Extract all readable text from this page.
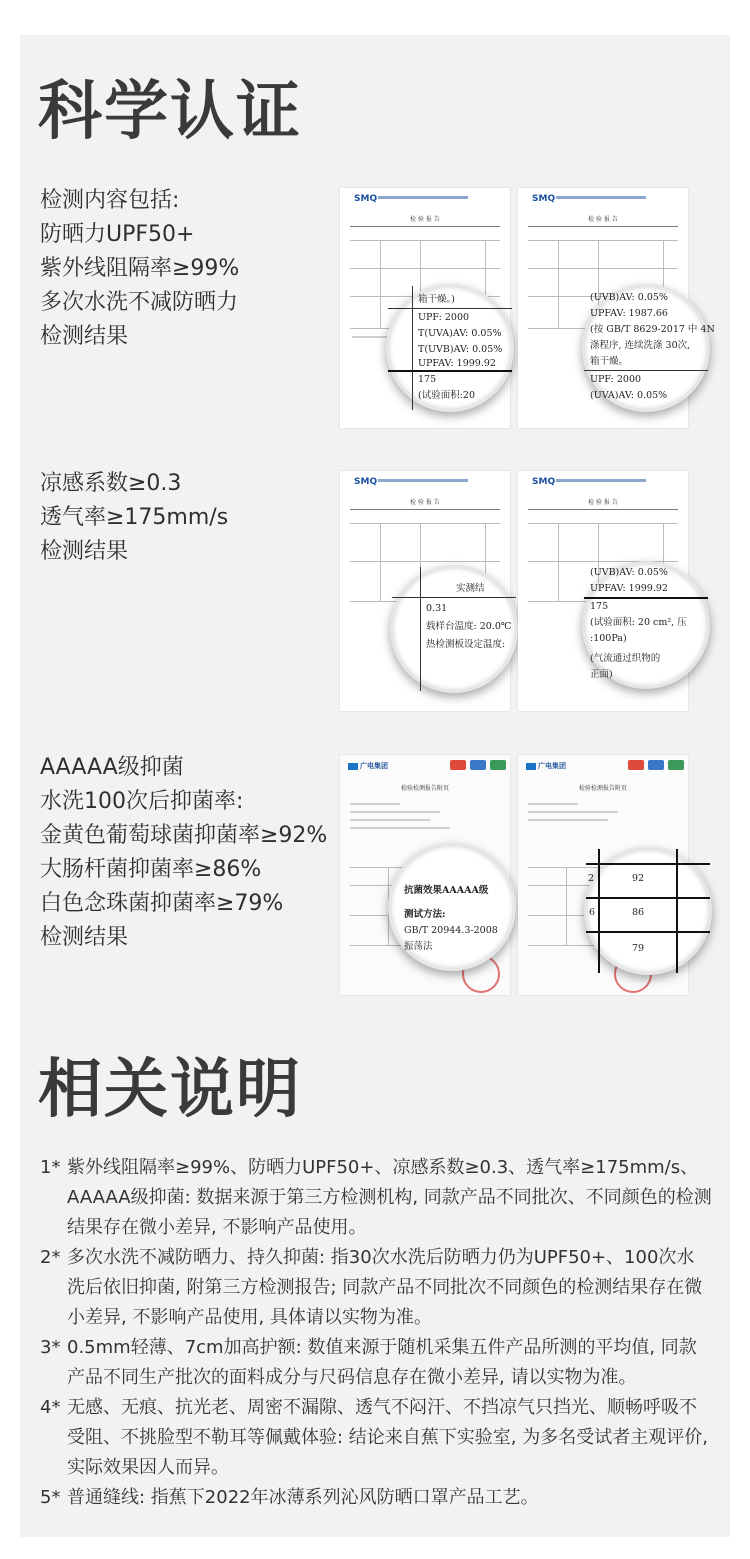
科学认证
检测内容包括:
防晒力UPF50+
紫外线阻隔率≥99%
多次水洗不减防晒力
检测结果
凉感系数≥0.3
透气率≥175mm/s
检测结果
AAAAA级抑菌
水洗100次后抑菌率:
金黄色葡萄球菌抑菌率≥92%
大肠杆菌抑菌率≥86%
白色念珠菌抑菌率≥79%
检测结果
SMQ
检 验 报 告
箱干燥。)
UPF: 2000
T(UVA)AV: 0.05%
T(UVB)AV: 0.05%
UPFAV: 1999.92
175
(试验面积:20
SMQ
检 验 报 告
(UVB)AV: 0.05%
UPFAV: 1987.66
(按 GB/T 8629-2017 中 4N
涤程序, 连续洗涤 30次,
箱干燥。
UPF: 2000
(UVA)AV: 0.05%
SMQ
检 验 报 告
实测结
0.31
载样台温度: 20.0℃
热检测板设定温度:
SMQ
检 验 报 告
(UVB)AV: 0.05%
UPFAV: 1999.92
175
(试验面积: 20 cm², 压
:100Pa)
(气流通过织物的
正面)
广电集团
检验检测报告附页
抗菌效果AAAAA级
测试方法:
GB/T 20944.3-2008
振荡法
广电集团
检验检测报告附页
2	92
6	86
79
相关说明
1* 紫外线阻隔率≥99%、防晒力UPF50+、凉感系数≥0.3、透气率≥175mm/s、AAAAA级抑菌: 数据来源于第三方检测机构, 同款产品不同批次、不同颜色的检测结果存在微小差异, 不影响产品使用。
2* 多次水洗不减防晒力、持久抑菌: 指30次水洗后防晒力仍为UPF50+、100次水洗后依旧抑菌, 附第三方检测报告; 同款产品不同批次不同颜色的检测结果存在微小差异, 不影响产品使用, 具体请以实物为准。
3* 0.5mm轻薄、7cm加高护额: 数值来源于随机采集五件产品所测的平均值, 同款产品不同生产批次的面料成分与尺码信息存在微小差异, 请以实物为准。
4* 无感、无痕、抗光老、周密不漏隙、透气不闷汗、不挡凉气只挡光、顺畅呼吸不受阻、不挑脸型不勒耳等佩戴体验: 结论来自蕉下实验室, 为多名受试者主观评价, 实际效果因人而异。
5* 普通缝线: 指蕉下2022年冰薄系列沁风防晒口罩产品工艺。
